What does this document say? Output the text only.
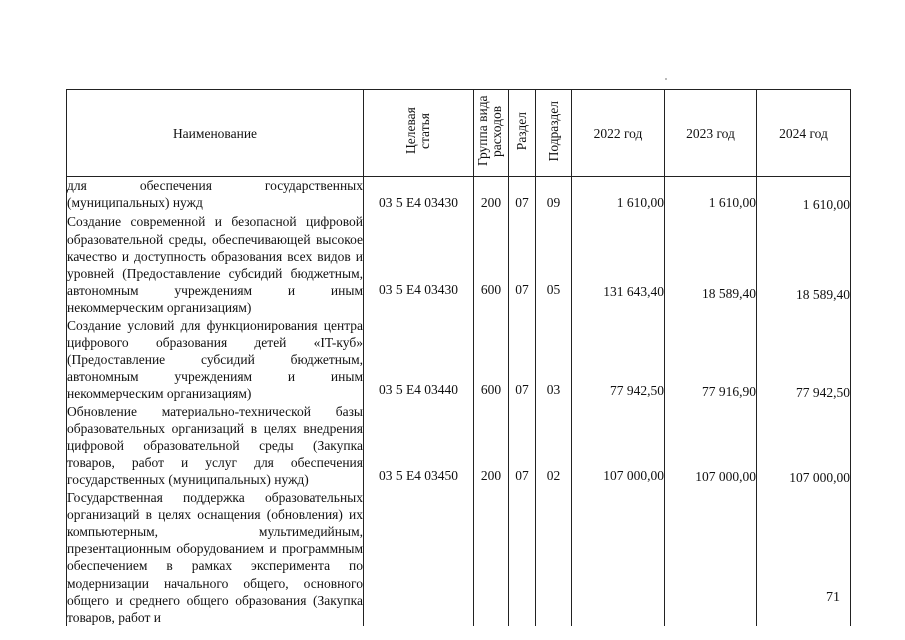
Наименование	Целевая статья	Группа вида расходов	Раздел	Подраздел	2022 год	2023 год	2024 год
для обеспечения государственных (муниципальных) нужд	03 5 Е4 03430	200	07	09	1 610,00	1 610,00	1 610,00

Создание современной и безопасной цифровой образовательной среды, обеспечивающей высокое качество и доступность образования всех видов и уровней (Предоставление субсидий бюджетным, автономным учреждениям и иным некоммерческим организациям)	03 5 Е4 03430	600	07	05	131 643,40	18 589,40	18 589,40

Создание условий для функционирования центра цифрового образования детей «IT-куб» (Предоставление субсидий бюджетным, автономным учреждениям и иным некоммерческим организациям)	03 5 Е4 03440	600	07	03	77 942,50	77 916,90	77 942,50

Обновление материально-технической базы образовательных организаций в целях внедрения цифровой образовательной среды (Закупка товаров, работ и услуг для обеспечения государственных (муниципальных) нужд)	03 5 Е4 03450	200	07	02	107 000,00	107 000,00	107 000,00

Государственная поддержка образовательных организаций в целях оснащения (обновления) их компьютерным, мультимедийным, презентационным оборудованием и программным обеспечением в рамках эксперимента по модернизации начального общего, основного общего и среднего общего образования (Закупка товаров, работ и							
71
